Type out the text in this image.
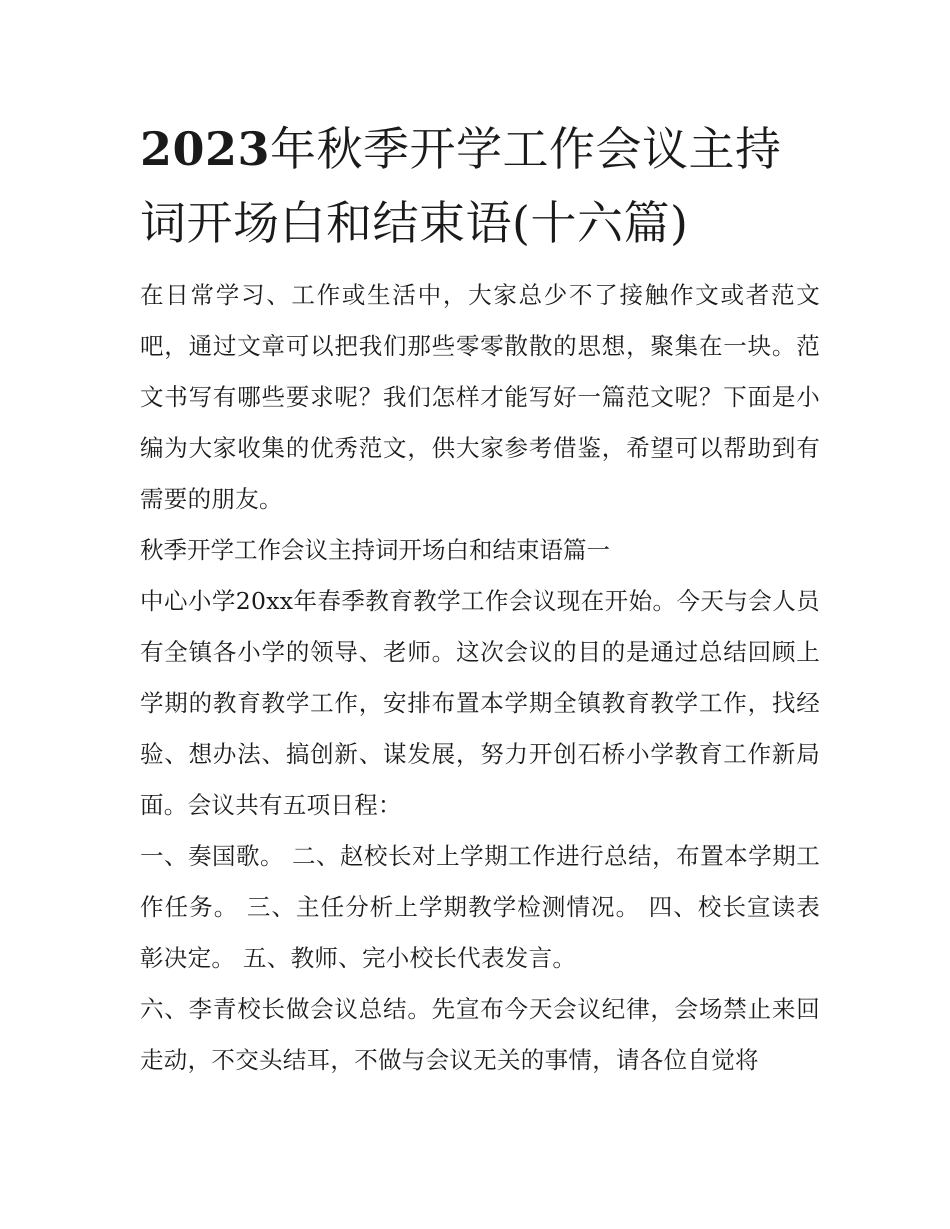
2023年秋季开学工作会议主持词开场白和结束语(十六篇)

在日常学习、工作或生活中，大家总少不了接触作文或者范文吧，通过文章可以把我们那些零零散散的思想，聚集在一块。范文书写有哪些要求呢？我们怎样才能写好一篇范文呢？下面是小编为大家收集的优秀范文，供大家参考借鉴，希望可以帮助到有需要的朋友。

秋季开学工作会议主持词开场白和结束语篇一

中心小学20xx年春季教育教学工作会议现在开始。今天与会人员有全镇各小学的领导、老师。这次会议的目的是通过总结回顾上学期的教育教学工作，安排布置本学期全镇教育教学工作，找经验、想办法、搞创新、谋发展，努力开创石桥小学教育工作新局面。会议共有五项日程：

一、奏国歌。 二、赵校长对上学期工作进行总结，布置本学期工作任务。 三、主任分析上学期教学检测情况。 四、校长宣读表彰决定。 五、教师、完小校长代表发言。

六、李青校长做会议总结。先宣布今天会议纪律，会场禁止来回走动，不交头结耳，不做与会议无关的事情，请各位自觉将
